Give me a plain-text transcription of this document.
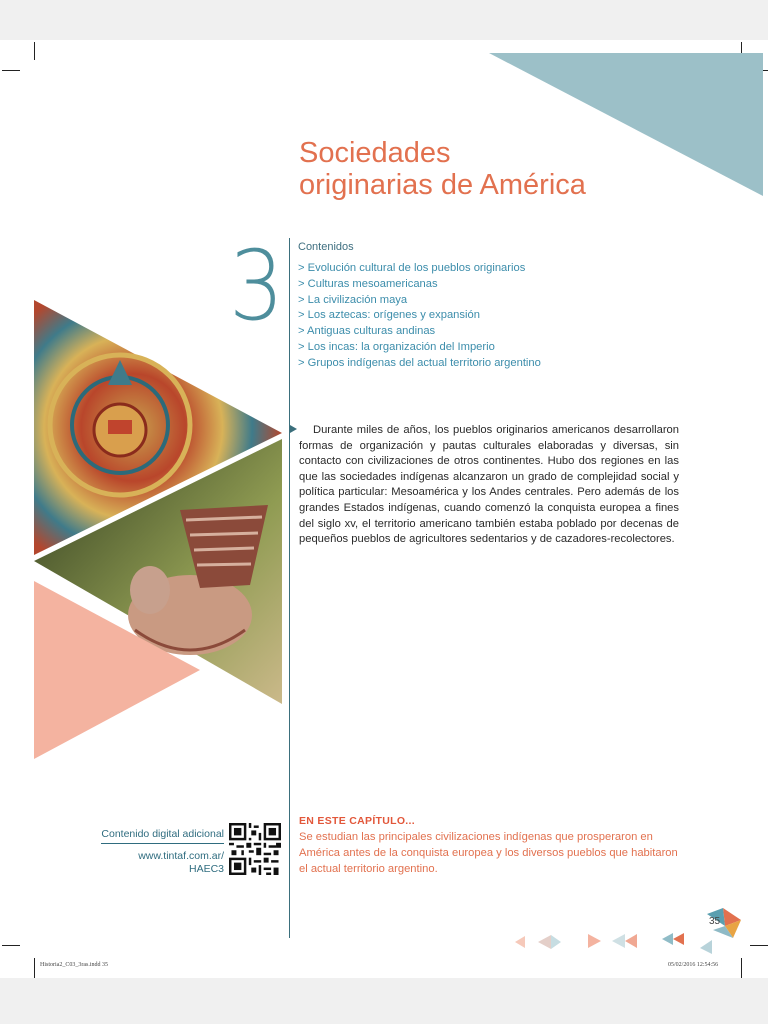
Sociedades
originarias de América
3 Contenidos
> Evolución cultural de los pueblos originarios
> Culturas mesoamericanas
> La civilización maya
> Los aztecas: orígenes y expansión
> Antiguas culturas andinas
> Los incas: la organización del Imperio
> Grupos indígenas del actual territorio argentino

Durante miles de años, los pueblos originarios americanos desarrollaron formas de organización y pautas culturales elaboradas y diversas, sin contacto con civilizaciones de otros continentes. Hubo dos regiones en las que las sociedades indígenas alcanzaron un grado de complejidad social y política particular: Mesoamérica y los Andes centrales. Pero además de los grandes Estados indígenas, cuando comenzó la conquista europea a fines del siglo xv, el territorio americano también estaba poblado por decenas de pequeños pueblos de agricultores sedentarios y de cazadores-recolectores.

EN ESTE CAPÍTULO...

Se estudian las principales civilizaciones indígenas que prosperaron en América antes de la conquista europea y los diversos pueblos que habitaron el actual territorio argentino.

Contenido digital adicional
www.tintaf.com.ar/
HAEC3
35
Historia2_C03_3ras.indd 35	05/02/2016 12:54:56
